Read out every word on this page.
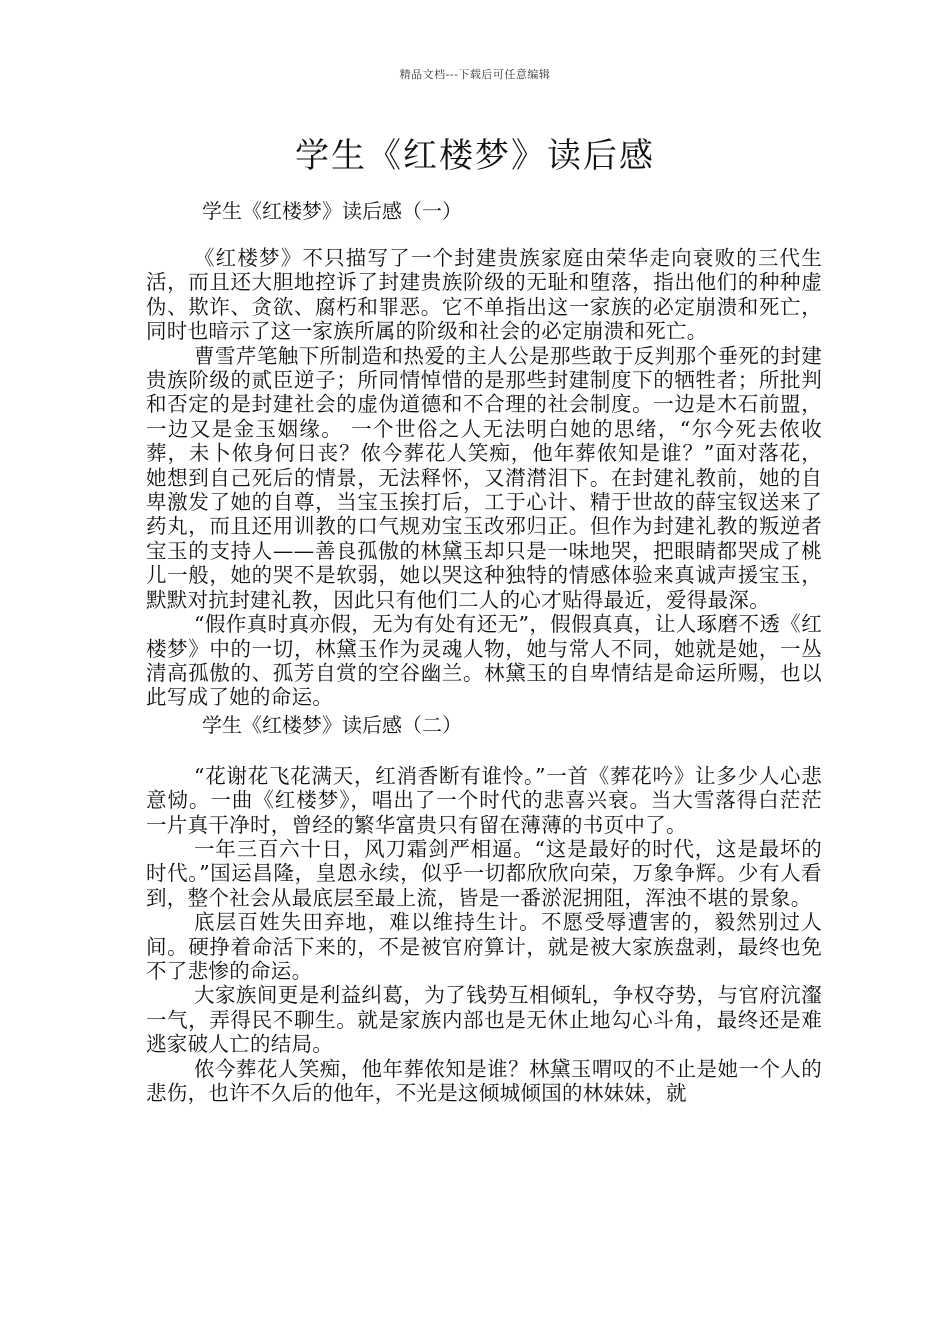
精品文档---下载后可任意编辑
学生《红楼梦》读后感

学生《红楼梦》读后感（一）

《红楼梦》不只描写了一个封建贵族家庭由荣华走向衰败的三代生活，而且还大胆地控诉了封建贵族阶级的无耻和堕落，指出他们的种种虚伪、欺诈、贪欲、腐朽和罪恶。它不单指出这一家族的必定崩溃和死亡，同时也暗示了这一家族所属的阶级和社会的必定崩溃和死亡。

曹雪芹笔触下所制造和热爱的主人公是那些敢于反判那个垂死的封建贵族阶级的贰臣逆子；所同情悼惜的是那些封建制度下的牺牲者；所批判和否定的是封建社会的虚伪道德和不合理的社会制度。一边是木石前盟，一边又是金玉姻缘。 一个世俗之人无法明白她的思绪，“尔今死去侬收葬，未卜侬身何日丧？侬今葬花人笑痴，他年葬侬知是谁？”面对落花，她想到自己死后的情景，无法释怀，又潸潸泪下。在封建礼教前，她的自卑激发了她的自尊，当宝玉挨打后，工于心计、精于世故的薛宝钗送来了药丸，而且还用训教的口气规劝宝玉改邪归正。但作为封建礼教的叛逆者宝玉的支持人——善良孤傲的林黛玉却只是一味地哭，把眼睛都哭成了桃儿一般，她的哭不是软弱，她以哭这种独特的情感体验来真诚声援宝玉，默默对抗封建礼教，因此只有他们二人的心才贴得最近，爱得最深。

“假作真时真亦假，无为有处有还无”，假假真真，让人琢磨不透《红楼梦》中的一切，林黛玉作为灵魂人物，她与常人不同，她就是她，一丛清高孤傲的、孤芳自赏的空谷幽兰。林黛玉的自卑情结是命运所赐，也以此写成了她的命运。

学生《红楼梦》读后感（二）

“花谢花飞花满天，红消香断有谁怜。”一首《葬花吟》让多少人心悲意恸。一曲《红楼梦》，唱出了一个时代的悲喜兴衰。当大雪落得白茫茫一片真干净时，曾经的繁华富贵只有留在薄薄的书页中了。

一年三百六十日，风刀霜剑严相逼。“这是最好的时代，这是最坏的时代。”国运昌隆，皇恩永续，似乎一切都欣欣向荣，万象争辉。少有人看到，整个社会从最底层至最上流，皆是一番淤泥拥阻，浑浊不堪的景象。

底层百姓失田弃地，难以维持生计。不愿受辱遭害的，毅然别过人间。硬挣着命活下来的，不是被官府算计，就是被大家族盘剥，最终也免不了悲惨的命运。

大家族间更是利益纠葛，为了钱势互相倾轧，争权夺势，与官府沆瀣一气，弄得民不聊生。就是家族内部也是无休止地勾心斗角，最终还是难逃家破人亡的结局。

侬今葬花人笑痴，他年葬侬知是谁？林黛玉喟叹的不止是她一个人的悲伤，也许不久后的他年，不光是这倾城倾国的林妹妹，就
